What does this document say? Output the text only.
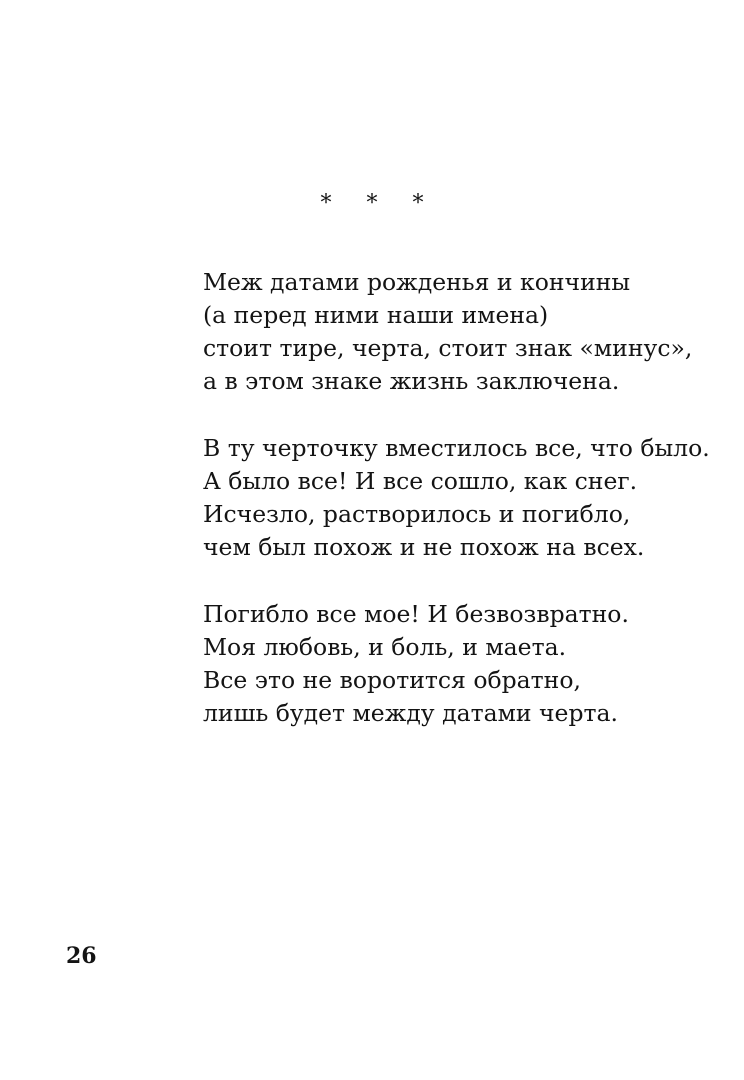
* * *
Меж датами рожденья и кончины
(а перед ними наши имена)
стоит тире, черта, стоит знак «минус»,
а в этом знаке жизнь заключена.
В ту черточку вместилось все, что было.
А было все! И все сошло, как снег.
Исчезло, растворилось и погибло,
чем был похож и не похож на всех.
Погибло все мое! И безвозвратно.
Моя любовь, и боль, и маета.
Все это не воротится обратно,
лишь будет между датами черта.
26
